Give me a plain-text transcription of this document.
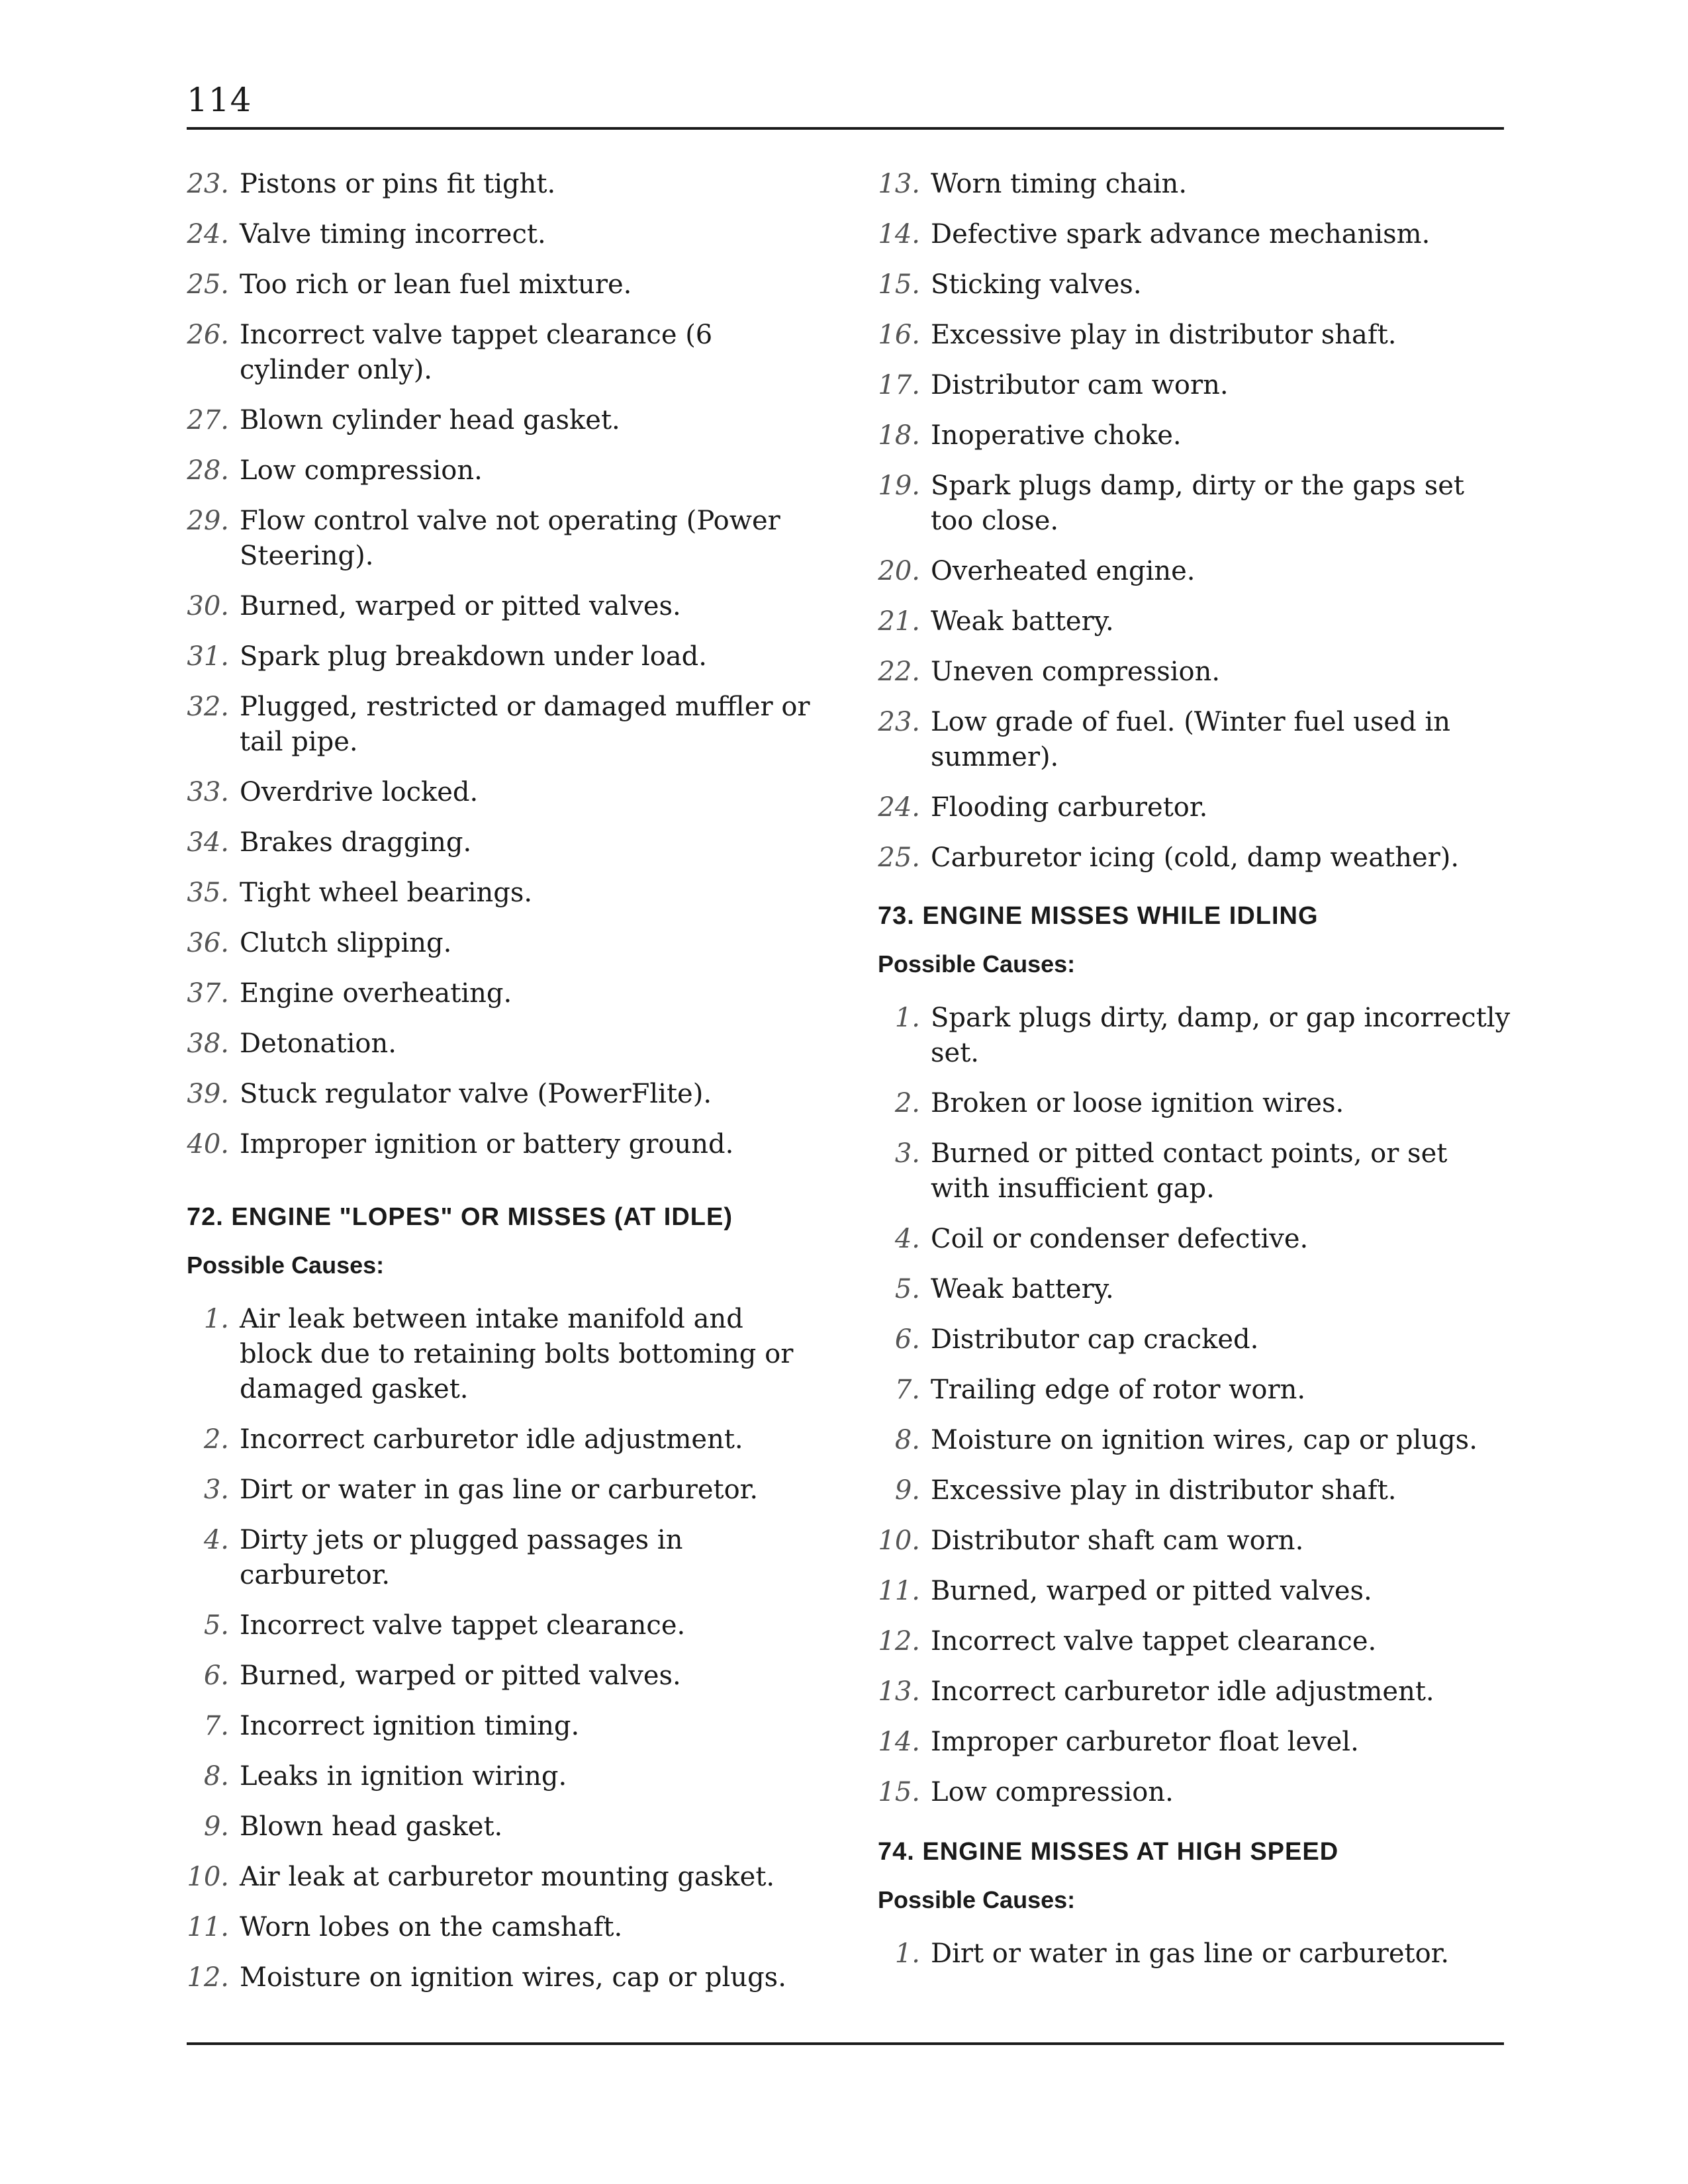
114
23. Pistons or pins fit tight.
24. Valve timing incorrect.
25. Too rich or lean fuel mixture.
26. Incorrect valve tappet clearance (6 cylinder only).
27. Blown cylinder head gasket.
28. Low compression.
29. Flow control valve not operating (Power Steering).
30. Burned, warped or pitted valves.
31. Spark plug breakdown under load.
32. Plugged, restricted or damaged muffler or tail pipe.
33. Overdrive locked.
34. Brakes dragging.
35. Tight wheel bearings.
36. Clutch slipping.
37. Engine overheating.
38. Detonation.
39. Stuck regulator valve (PowerFlite).
40. Improper ignition or battery ground.
72. ENGINE "LOPES" OR MISSES (AT IDLE)
Possible Causes:
1. Air leak between intake manifold and block due to retaining bolts bottoming or damaged gasket.
2. Incorrect carburetor idle adjustment.
3. Dirt or water in gas line or carburetor.
4. Dirty jets or plugged passages in carburetor.
5. Incorrect valve tappet clearance.
6. Burned, warped or pitted valves.
7. Incorrect ignition timing.
8. Leaks in ignition wiring.
9. Blown head gasket.
10. Air leak at carburetor mounting gasket.
11. Worn lobes on the camshaft.
12. Moisture on ignition wires, cap or plugs.
13. Worn timing chain.
14. Defective spark advance mechanism.
15. Sticking valves.
16. Excessive play in distributor shaft.
17. Distributor cam worn.
18. Inoperative choke.
19. Spark plugs damp, dirty or the gaps set too close.
20. Overheated engine.
21. Weak battery.
22. Uneven compression.
23. Low grade of fuel. (Winter fuel used in summer).
24. Flooding carburetor.
25. Carburetor icing (cold, damp weather).
73. ENGINE MISSES WHILE IDLING
Possible Causes:
1. Spark plugs dirty, damp, or gap incorrectly set.
2. Broken or loose ignition wires.
3. Burned or pitted contact points, or set with insufficient gap.
4. Coil or condenser defective.
5. Weak battery.
6. Distributor cap cracked.
7. Trailing edge of rotor worn.
8. Moisture on ignition wires, cap or plugs.
9. Excessive play in distributor shaft.
10. Distributor shaft cam worn.
11. Burned, warped or pitted valves.
12. Incorrect valve tappet clearance.
13. Incorrect carburetor idle adjustment.
14. Improper carburetor float level.
15. Low compression.
74. ENGINE MISSES AT HIGH SPEED
Possible Causes:
1. Dirt or water in gas line or carburetor.
